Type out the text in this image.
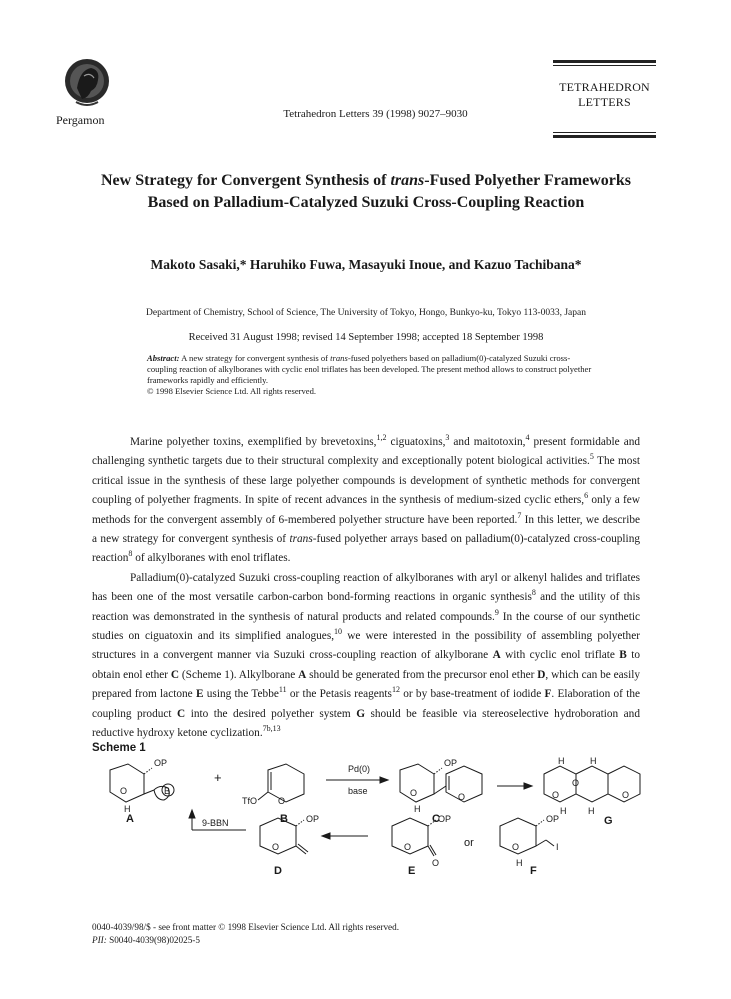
Pergamon	Tetrahedron Letters 39 (1998) 9027–9030
TETRAHEDRON
LETTERS
New Strategy for Convergent Synthesis of trans-Fused Polyether Frameworks
Based on Palladium-Catalyzed Suzuki Cross-Coupling Reaction
Makoto Sasaki,* Haruhiko Fuwa, Masayuki Inoue, and Kazuo Tachibana*
Department of Chemistry, School of Science, The University of Tokyo, Hongo, Bunkyo-ku, Tokyo 113-0033, Japan
Received 31 August 1998; revised 14 September 1998; accepted 18 September 1998
Abstract: A new strategy for convergent synthesis of trans-fused polyethers based on palladium(0)-catalyzed Suzuki cross-coupling reaction of alkylboranes with cyclic enol triflates has been developed. The present method allows to construct polyether frameworks rapidly and efficiently.
© 1998 Elsevier Science Ltd. All rights reserved.

Marine polyether toxins, exemplified by brevetoxins,$^{1,2}$ ciguatoxins,$^3$ and maitotoxin,$^4$ present formidable and challenging synthetic targets due to their structural complexity and exceptionally potent biological activities.$^5$ The most critical issue in the synthesis of these large polyether compounds is development of synthetic methods for convergent coupling of polyether fragments. In spite of recent advances in the synthesis of medium-sized cyclic ethers,$^6$ only a few methods for the convergent assembly of 6-membered polyether structure have been reported.$^7$ In this letter, we describe a new strategy for convergent synthesis of trans-fused polyether arrays based on palladium(0)-catalyzed cross-coupling reaction$^8$ of alkylboranes with enol triflates.

Palladium(0)-catalyzed Suzuki cross-coupling reaction of alkylboranes with aryl or alkenyl halides and triflates has been one of the most versatile carbon-carbon bond-forming reactions in organic synthesis$^8$ and the utility of this reaction was demonstrated in the synthesis of natural products and related compounds.$^9$ In the course of our synthetic studies on ciguatoxin and its simplified analogues,$^{10}$ we were interested in the possibility of assembling polyether structures in a convergent manner via Suzuki cross-coupling reaction of alkylborane A with cyclic enol triflate B to obtain enol ether C (Scheme 1). Alkylborane A should be generated from the precursor enol ether D, which can be easily prepared from lactone E using the Tebbe$^{11}$ or the Petasis reagents$^{12}$ or by base-treatment of iodide F. Elaboration of the coupling product C into the desired polyether system G should be feasible via stereoselective hydroboration and reductive hydroxy ketone cyclization.$^{7b,13}$

Scheme 1
OP
O
H
B
+
TfO O
Pd(0)
base
OP
O
H
O
H	H
O
O	O
H H
9-BBN	OP
O
OP
O
O
or
OP
O
H
I
A	B	C	G
D	E	F
0040-4039/98/$ - see front matter © 1998 Elsevier Science Ltd. All rights reserved.
PII: S0040-4039(98)02025-5
